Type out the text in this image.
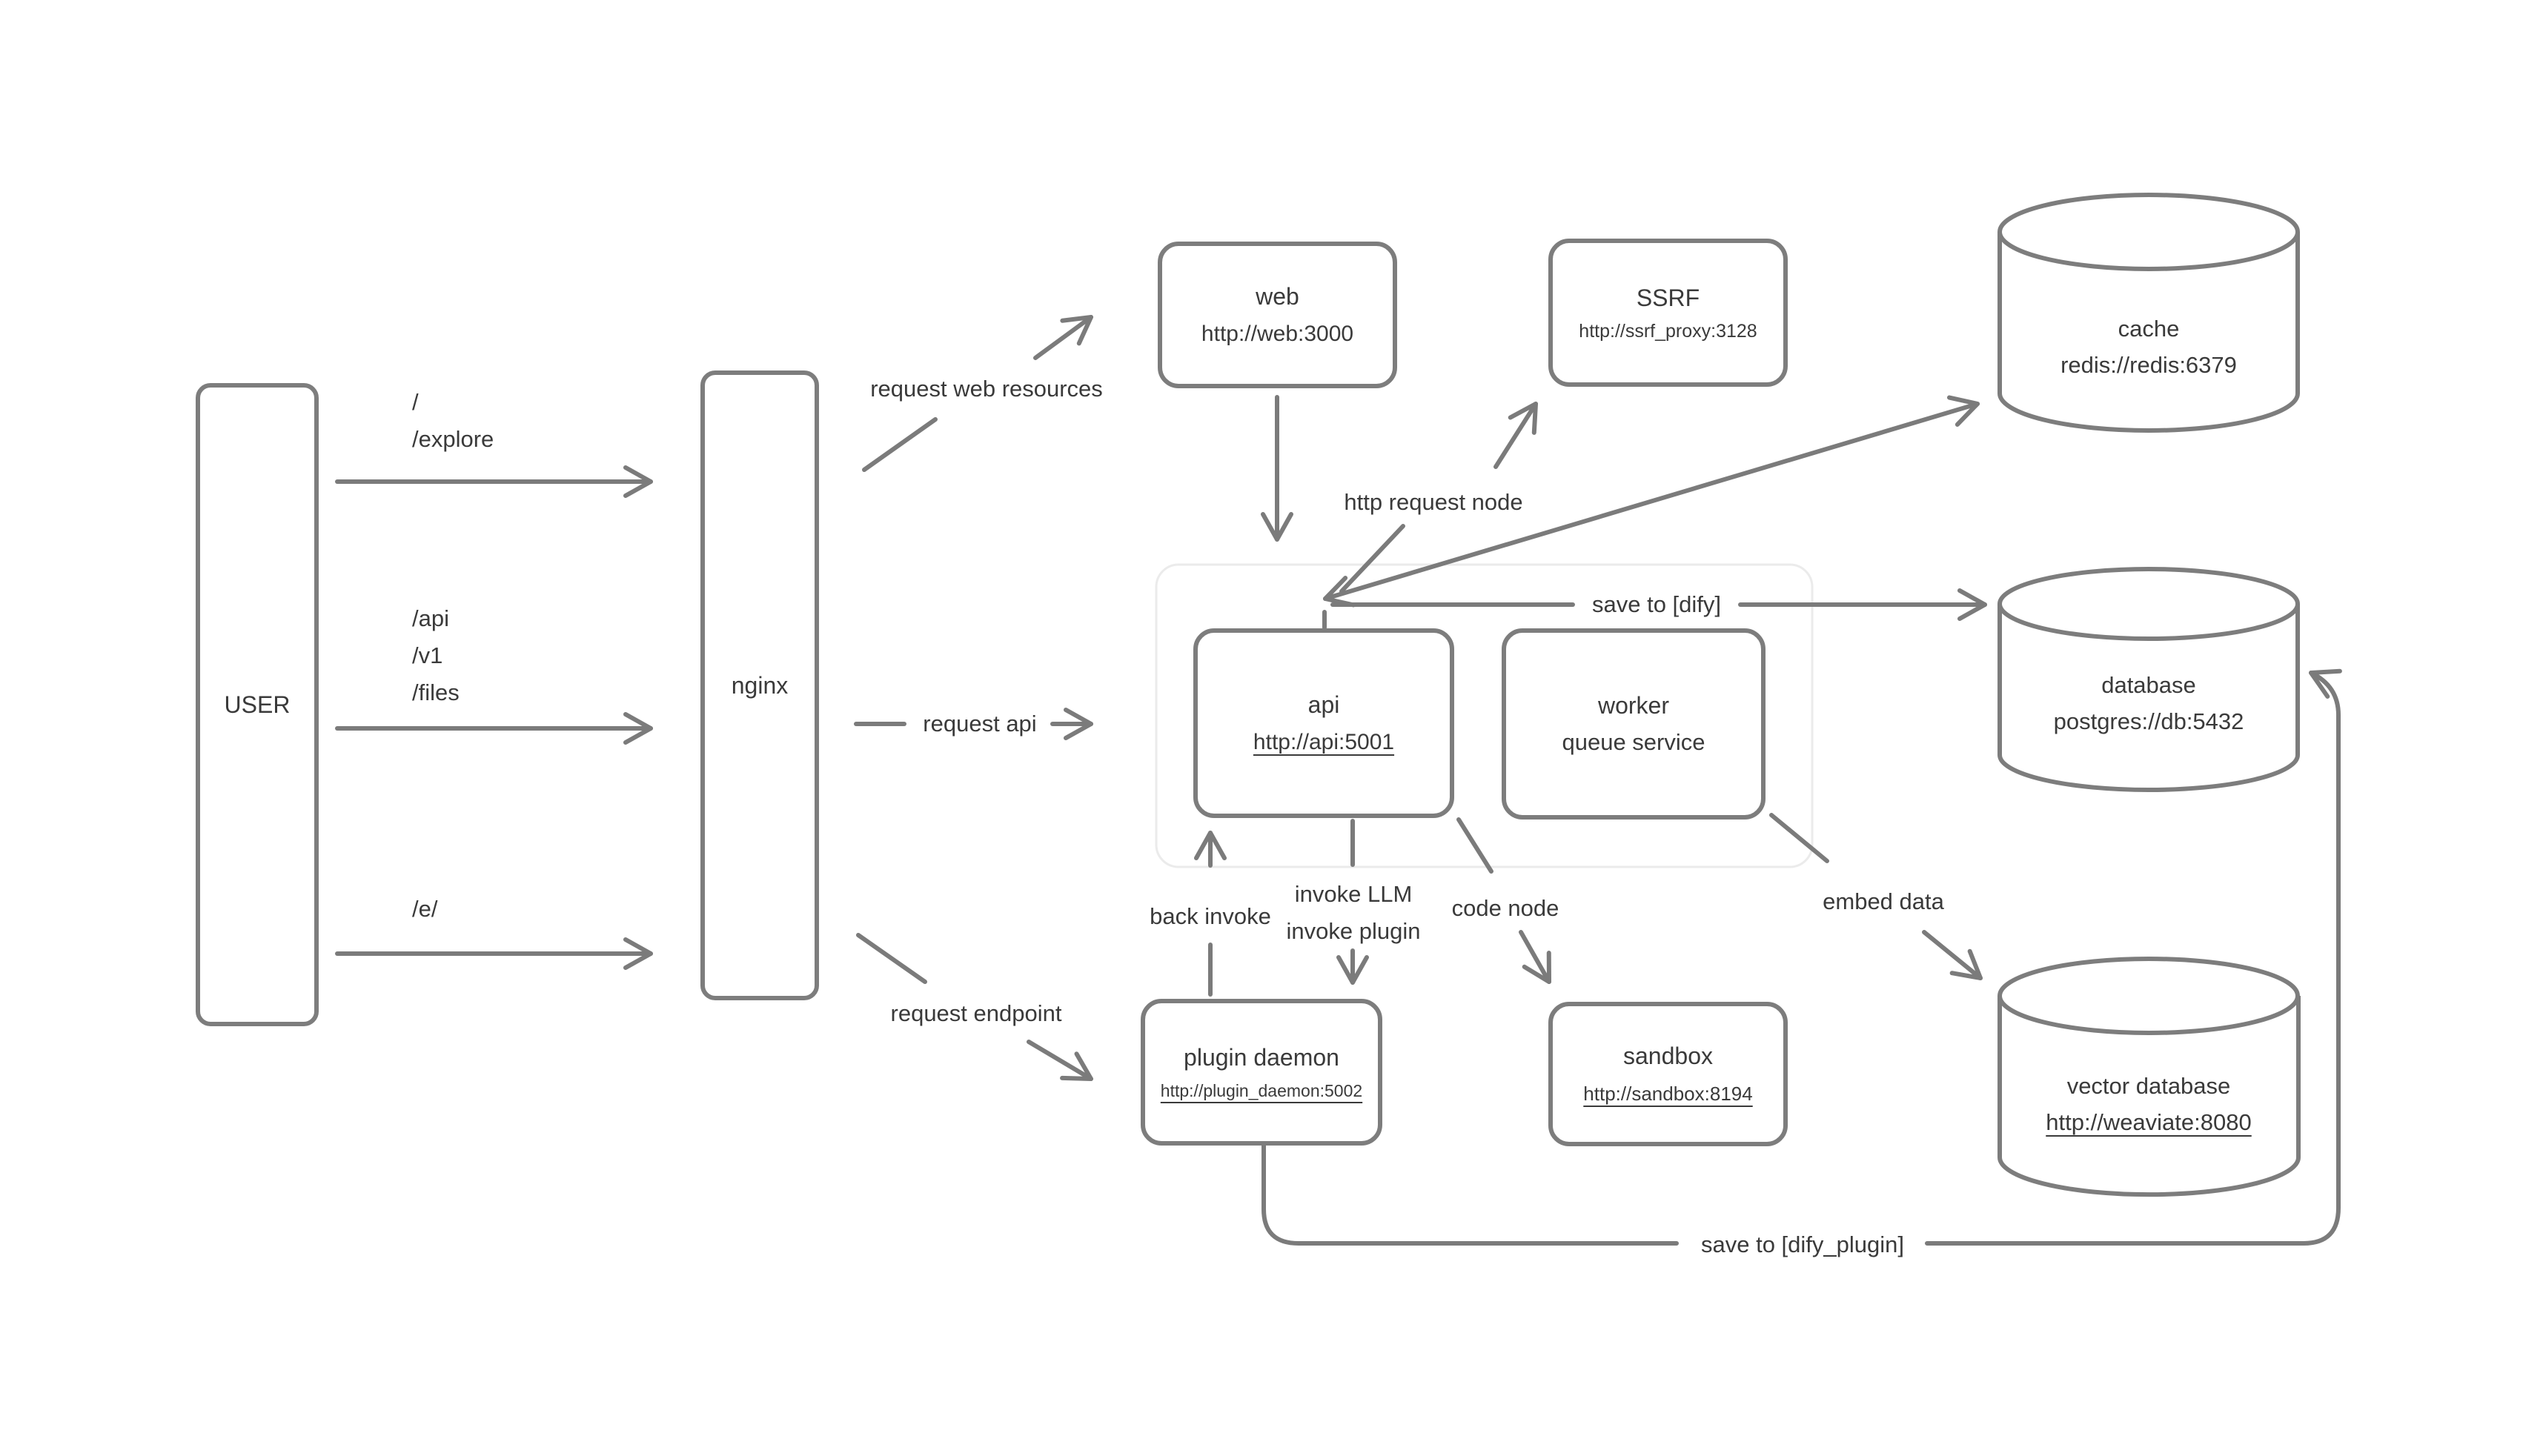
USER
nginx
web
http://web:3000
SSRF
http://ssrf_proxy:3128
api
http://api:5001
worker
queue service
plugin daemon
http://plugin_daemon:5002
sandbox
http://sandbox:8194
cache
redis://redis:6379
database
postgres://db:5432
vector database
http://weaviate:8080
/
/explore
/api
/v1
/files
/e/
request web resources
request api
request endpoint
http request node
save to [dify]
back invoke
invoke LLM
invoke plugin
code node	embed data
save to [dify_plugin]
